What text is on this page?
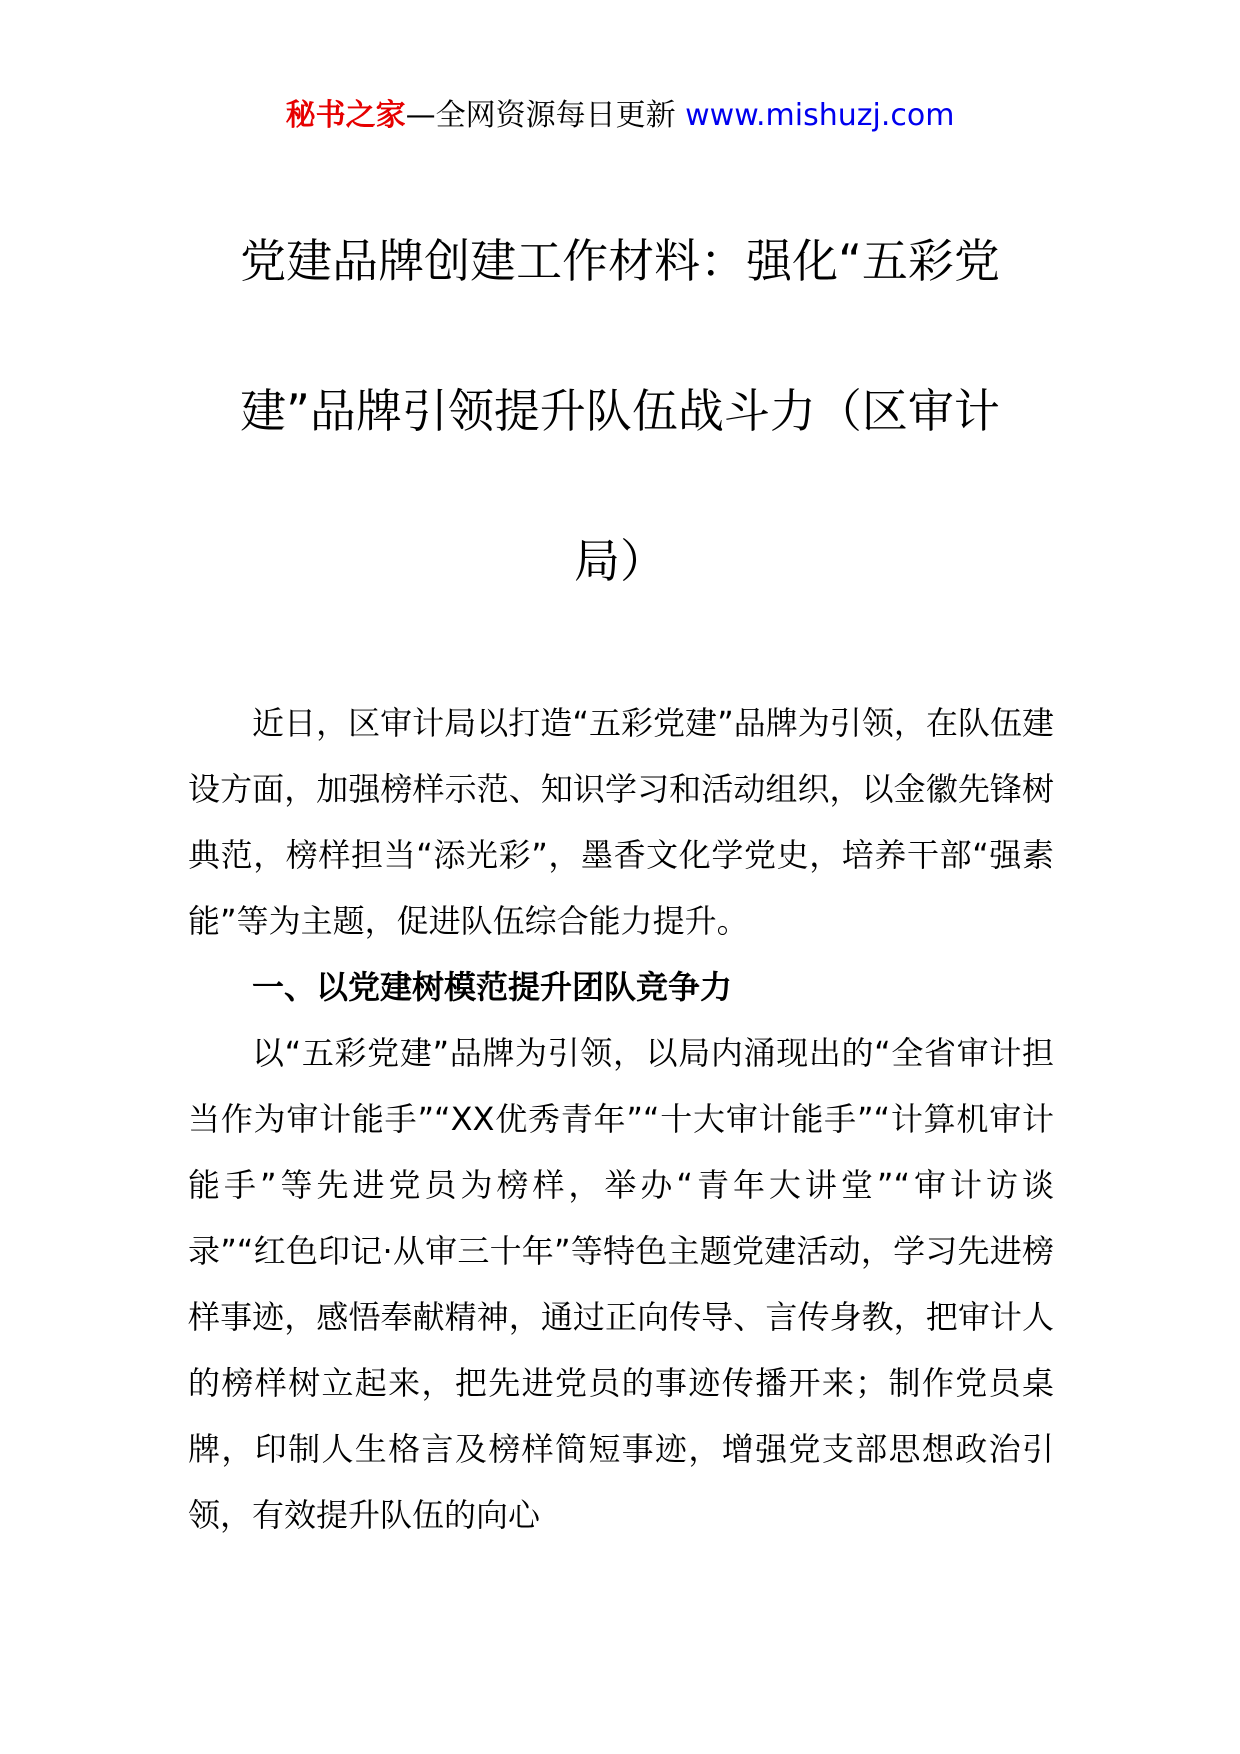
秘书之家—全网资源每日更新 www.mishuzj.com
党建品牌创建工作材料：强化“五彩党
建”品牌引领提升队伍战斗力（区审计
局）

近日，区审计局以打造“五彩党建”品牌为引领，在队伍建设方面，加强榜样示范、知识学习和活动组织，以金徽先锋树典范，榜样担当“添光彩”，墨香文化学党史，培养干部“强素能”等为主题，促进队伍综合能力提升。

一、以党建树模范提升团队竞争力

以“五彩党建”品牌为引领，以局内涌现出的“全省审计担当作为审计能手”“XX优秀青年”“十大审计能手”“计算机审计能手”等先进党员为榜样，举办“青年大讲堂”“审计访谈录”“红色印记·从审三十年”等特色主题党建活动，学习先进榜样事迹，感悟奉献精神，通过正向传导、言传身教，把审计人的榜样树立起来，把先进党员的事迹传播开来；制作党员桌牌，印制人生格言及榜样简短事迹，增强党支部思想政治引领，有效提升队伍的向心
